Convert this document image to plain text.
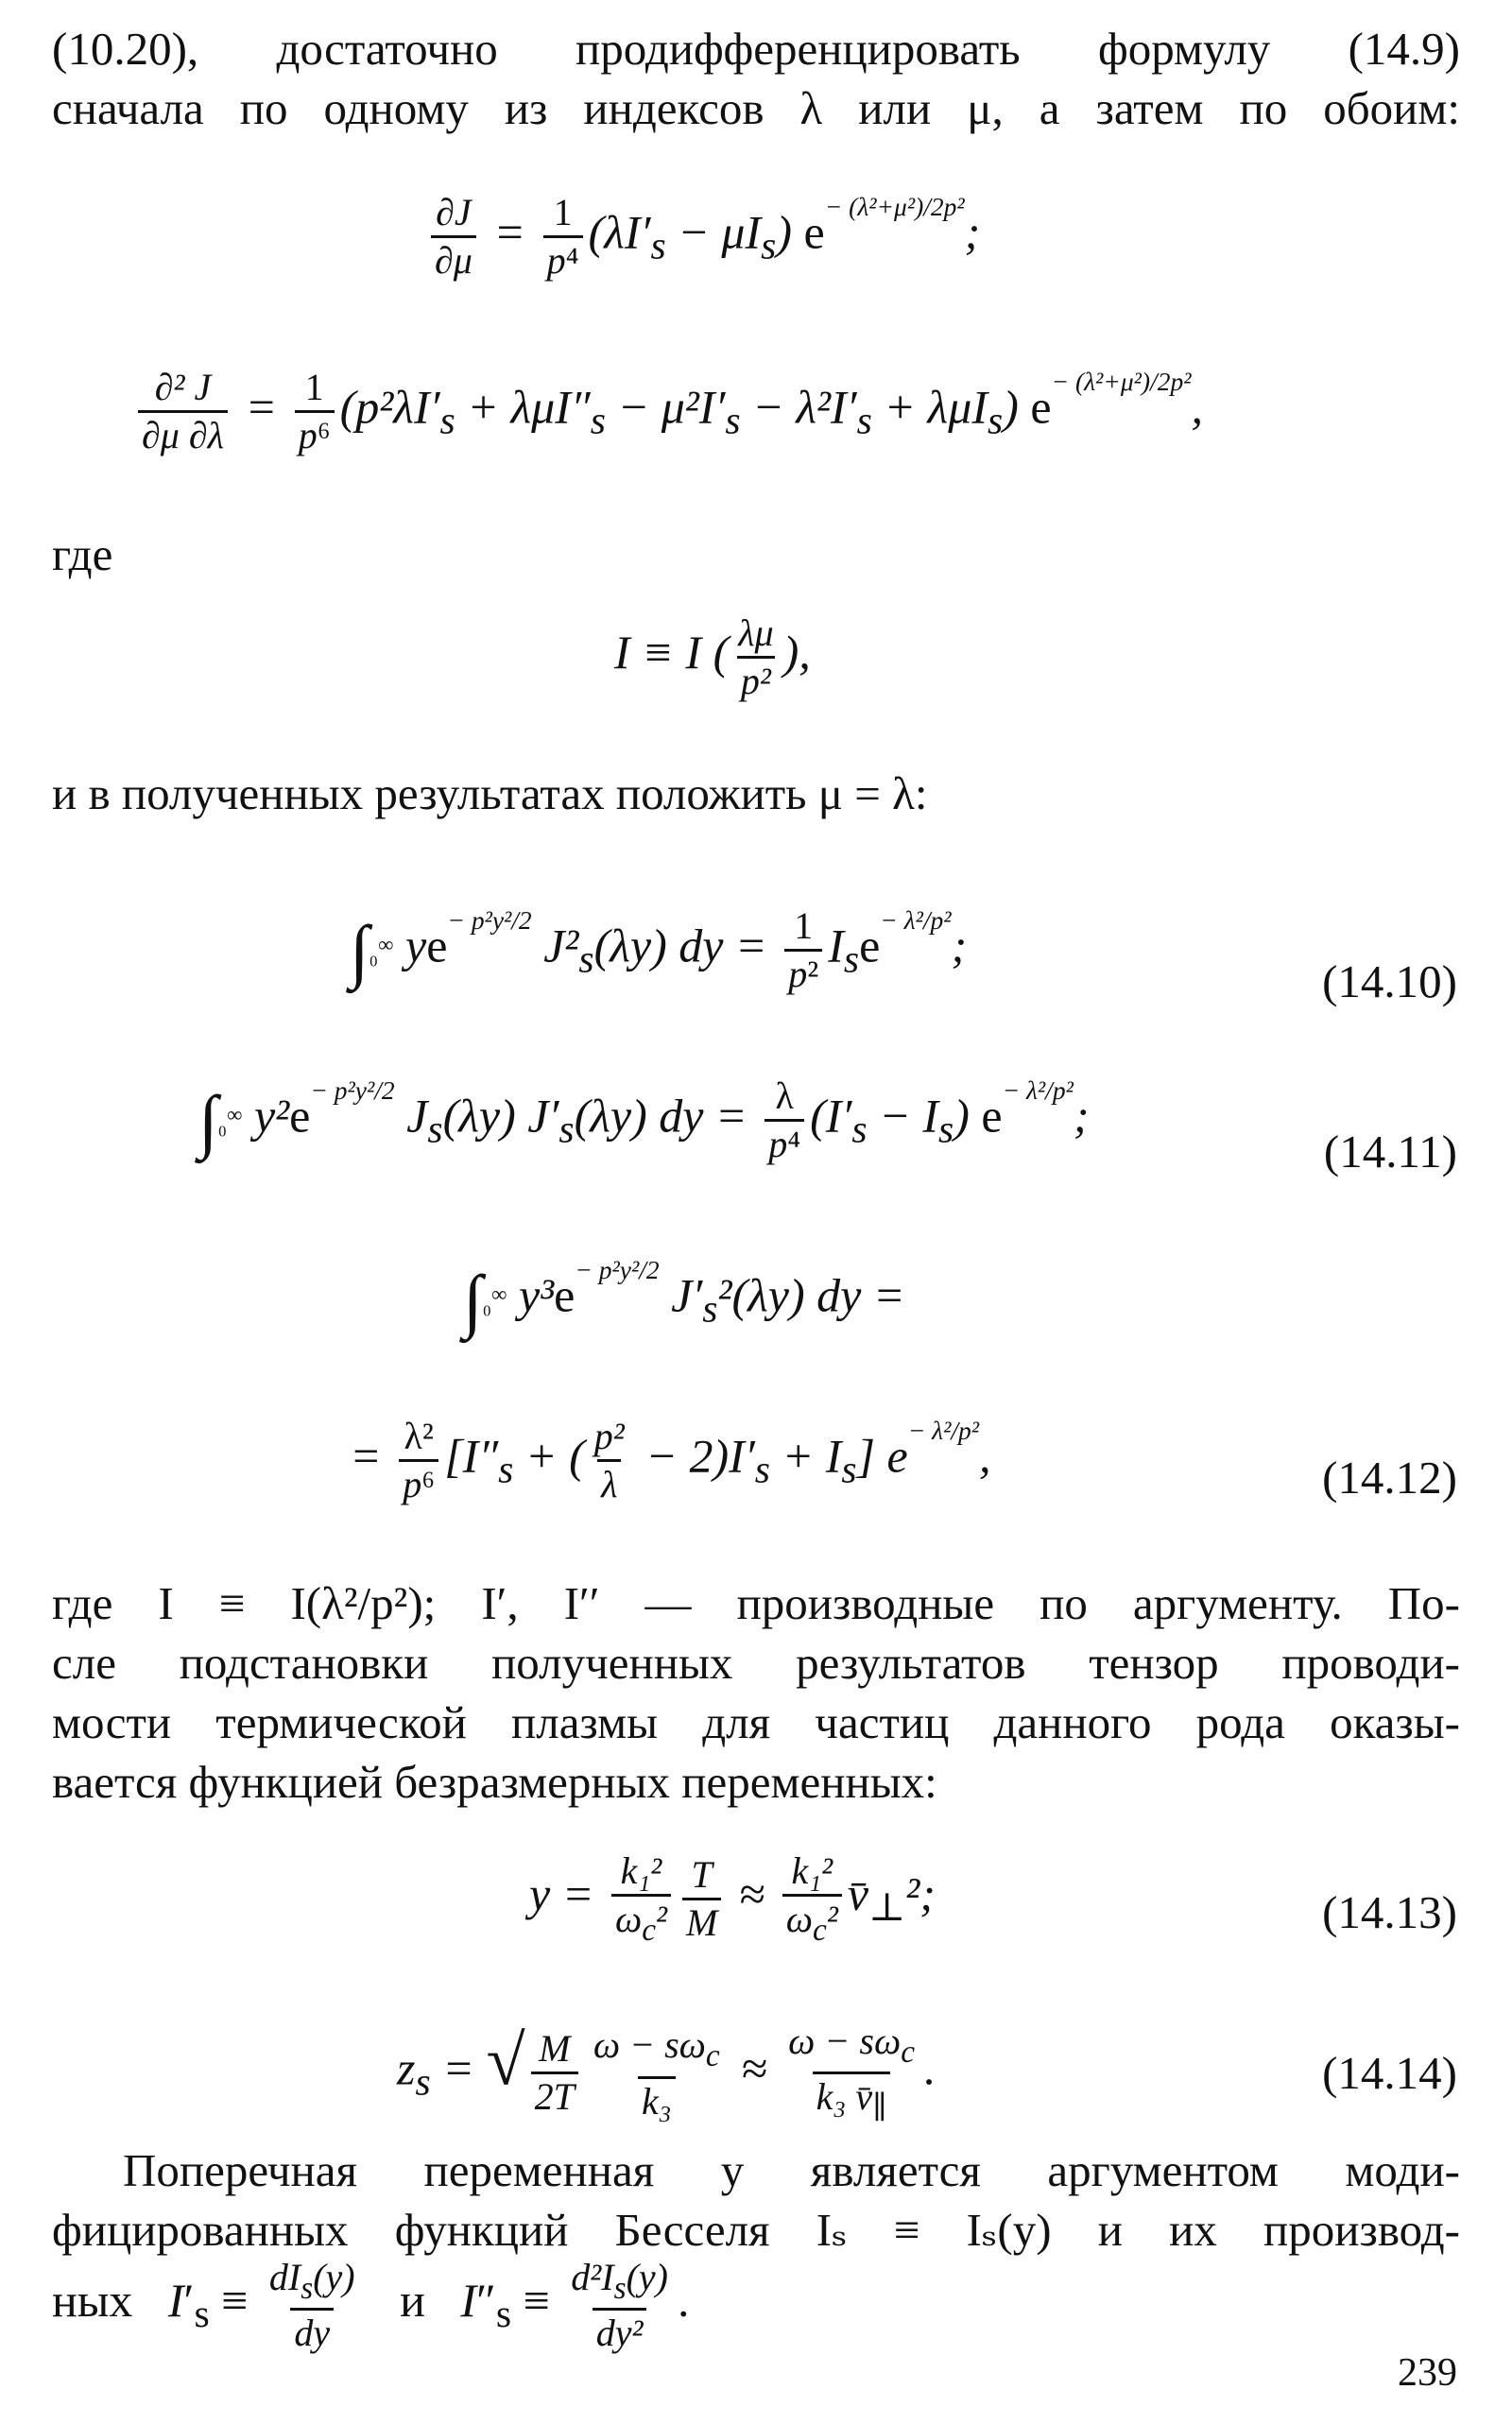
(10.20), достаточно продифференцировать формулу (14.9)
сначала по одному из индексов λ или μ, а затем по обоим:
$\frac{\partial J}{\partial\mu} = \frac{1}{\text{p⁴}} (\lambda I'_s - \mu I_s)$ $e^{- (\lambda^2+\mu^2)/2p^2}$;
$\frac{\text{∂² J}}{\partial\mu \partial\lambda} = \frac{1}{\text{p⁶}} (p^2\lambda I'_s + \lambda\mu I''_s - \mu^2I'_s - \lambda^2I'_s + \lambda\mu I_s)$ $e^{- (\lambda^2+\mu^2)/2p^2}$,
где
I ≡ I ( $\frac{\lambda\mu}{\text{p²}}$ ),
и в полученных результатах положить μ = λ:
∫₀∞ $ye^{- p^2y^2/2}$ $J^2_s(\lambda y)$ dy = $\frac{1}{\text{p²}} I_se^{- \lambda^2/p^2}$;
(14.10)
∫₀∞ $y^2e^{- p^2y^2/2}$ $J_s(\lambda y)$ $J'_s(\lambda y)$ dy = $\frac{\lambda}{\text{p⁴}} (I'_s - I_s)$ $e^{- \lambda^2/p^2}$;
(14.11)
∫₀∞ $y^3e^{- p^2y^2/2}$ $J'_s^2(\lambda y)$ dy =
= $\frac{\text{λ²}}{\text{p⁶}} [I''_s$ + ( $\frac{\text{p²}}{\lambda} - 2)I'_s + I_s$] $e^{- \lambda^2/p^2}$,	(14.12)
где I ≡ I(λ²/p²); I′, I′′ — производные по аргументу. По-
сле подстановки полученных результатов тензор проводи-
мости термической плазмы для частиц данного рода оказы-
вается функцией безразмерных переменных:
$y = \frac{\text{k₁²}}{\omega_c^2} \frac{T}{M} \approx \frac{\text{k₁²}}{\omega_c^2}$ $v̄_\perp^2$;	(14.13)
$z_s$ = √ $\frac{M}{2T} \frac{\omega - s\omega_c}{\text{k₃}} \approx \frac{\omega - s\omega_c}{k_3 v̄_\parallel}$ .	(14.14)
Поперечная переменная y является аргументом моди-
фицированных функций Бесселя Iₛ ≡ Iₛ(y) и их производ-
ных $I'_s \equiv \frac{dI_s(y)}{dy}$ и $I''_s \equiv \frac{d^2I_s(y)}{\text{dy²}}$ .
239
